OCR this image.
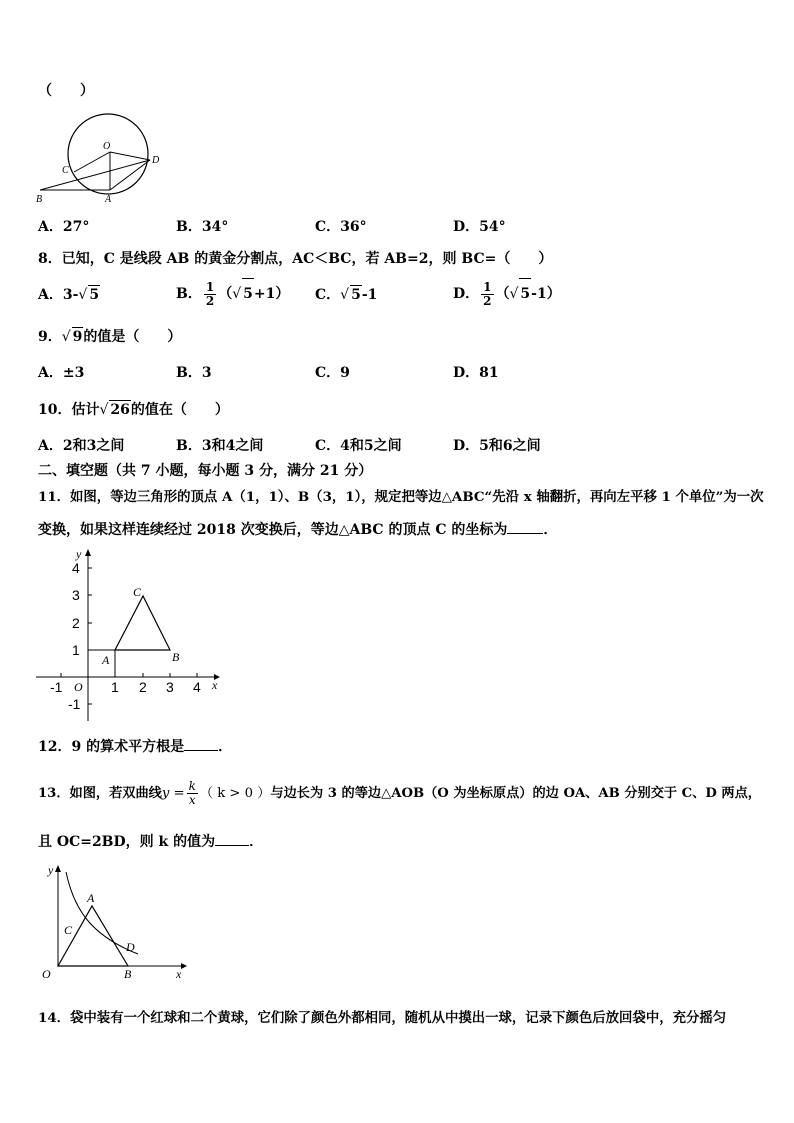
（　　）
O
C
D
B	A
A．27°	B．34°	C．36°	D．54°
8．已知，C 是线段 AB 的黄金分割点，AC＜BC，若 AB=2，则 BC=（　　）
A．3-√ 5	B． $\frac{1}{2}$ （√ 5+1） C．√ 5-1	D． $\frac{1}{2}$ （√ 5-1）
9．√ 9的值是（　　）
A．±3	B．3	C．9	D．81
10．估计√ 26的值在（　　）
A．2和3之间	B．3和4之间	C．4和5之间	D．5和6之间
二、填空题（共 7 小题，每小题 3 分，满分 21 分）
11．如图，等边三角形的顶点 A（1，1）、B（3，1），规定把等边△ABC“先沿 x 轴翻折，再向左平移 1 个单位”为一次
变换，如果这样连续经过 2018 次变换后，等边△ABC 的顶点 C 的坐标为	．
y
x
O
4
3
2
1
-1
-1	1 2 3 4
C
A	B
12．9 的算术平方根是 ．
13．如图，若双曲线$y = \frac{k}{x}$ （ k > 0 ）与边长为 3 的等边△AOB（O 为坐标原点）的边 OA、AB 分别交于 C、D 两点，
且 OC=2BD，则 k 的值为 ．
y
x
O
A
C
D
B
14．袋中装有一个红球和二个黄球，它们除了颜色外都相同，随机从中摸出一球，记录下颜色后放回袋中，充分摇匀
